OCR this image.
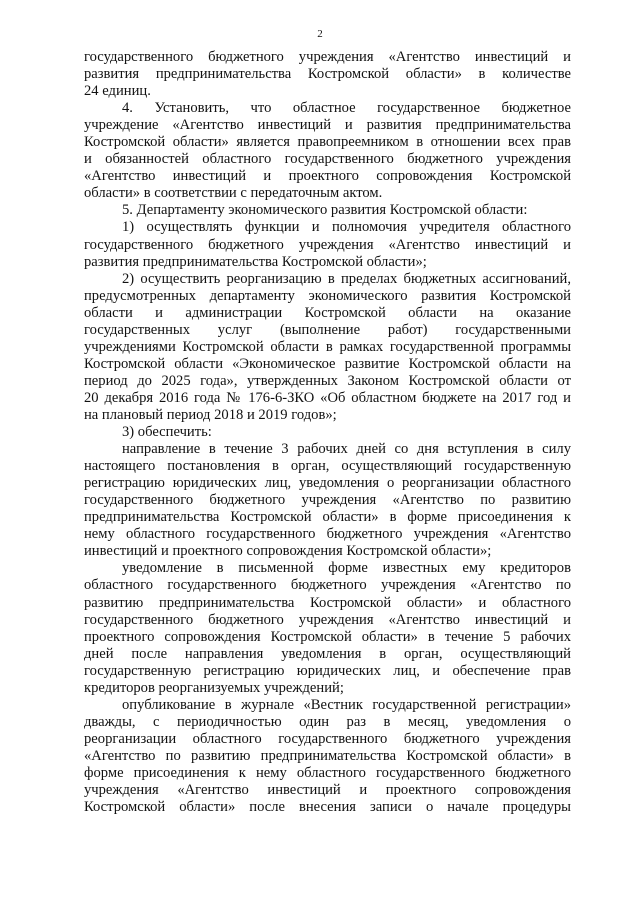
2
государственного бюджетного учреждения «Агентство инвестиций и
развития предпринимательства Костромской области» в количестве
24 единиц.
4. Установить, что областное государственное бюджетное
учреждение «Агентство инвестиций и развития предпринимательства
Костромской области» является правопреемником в отношении всех прав
и обязанностей областного государственного бюджетного учреждения
«Агентство инвестиций и проектного сопровождения Костромской
области» в соответствии с передаточным актом.
5. Департаменту экономического развития Костромской области:
1) осуществлять функции и полномочия учредителя областного
государственного бюджетного учреждения «Агентство инвестиций и
развития предпринимательства Костромской области»;
2) осуществить реорганизацию в пределах бюджетных ассигнований,
предусмотренных департаменту экономического развития Костромской
области и администрации Костромской области на оказание
государственных услуг (выполнение работ) государственными
учреждениями Костромской области в рамках государственной программы
Костромской области «Экономическое развитие Костромской области на
период до 2025 года», утвержденных Законом Костромской области от
20 декабря 2016 года № 176-6-ЗКО «Об областном бюджете на 2017 год и
на плановый период 2018 и 2019 годов»;
3) обеспечить:
направление в течение 3 рабочих дней со дня вступления в силу
настоящего постановления в орган, осуществляющий государственную
регистрацию юридических лиц, уведомления о реорганизации областного
государственного бюджетного учреждения «Агентство по развитию
предпринимательства Костромской области» в форме присоединения к
нему областного государственного бюджетного учреждения «Агентство
инвестиций и проектного сопровождения Костромской области»;
уведомление в письменной форме известных ему кредиторов
областного государственного бюджетного учреждения «Агентство по
развитию предпринимательства Костромской области» и областного
государственного бюджетного учреждения «Агентство инвестиций и
проектного сопровождения Костромской области» в течение 5 рабочих
дней после направления уведомления в орган, осуществляющий
государственную регистрацию юридических лиц, и обеспечение прав
кредиторов реорганизуемых учреждений;
опубликование в журнале «Вестник государственной регистрации»
дважды, с периодичностью один раз в месяц, уведомления о
реорганизации областного государственного бюджетного учреждения
«Агентство по развитию предпринимательства Костромской области» в
форме присоединения к нему областного государственного бюджетного
учреждения «Агентство инвестиций и проектного сопровождения
Костромской области» после внесения записи о начале процедуры
